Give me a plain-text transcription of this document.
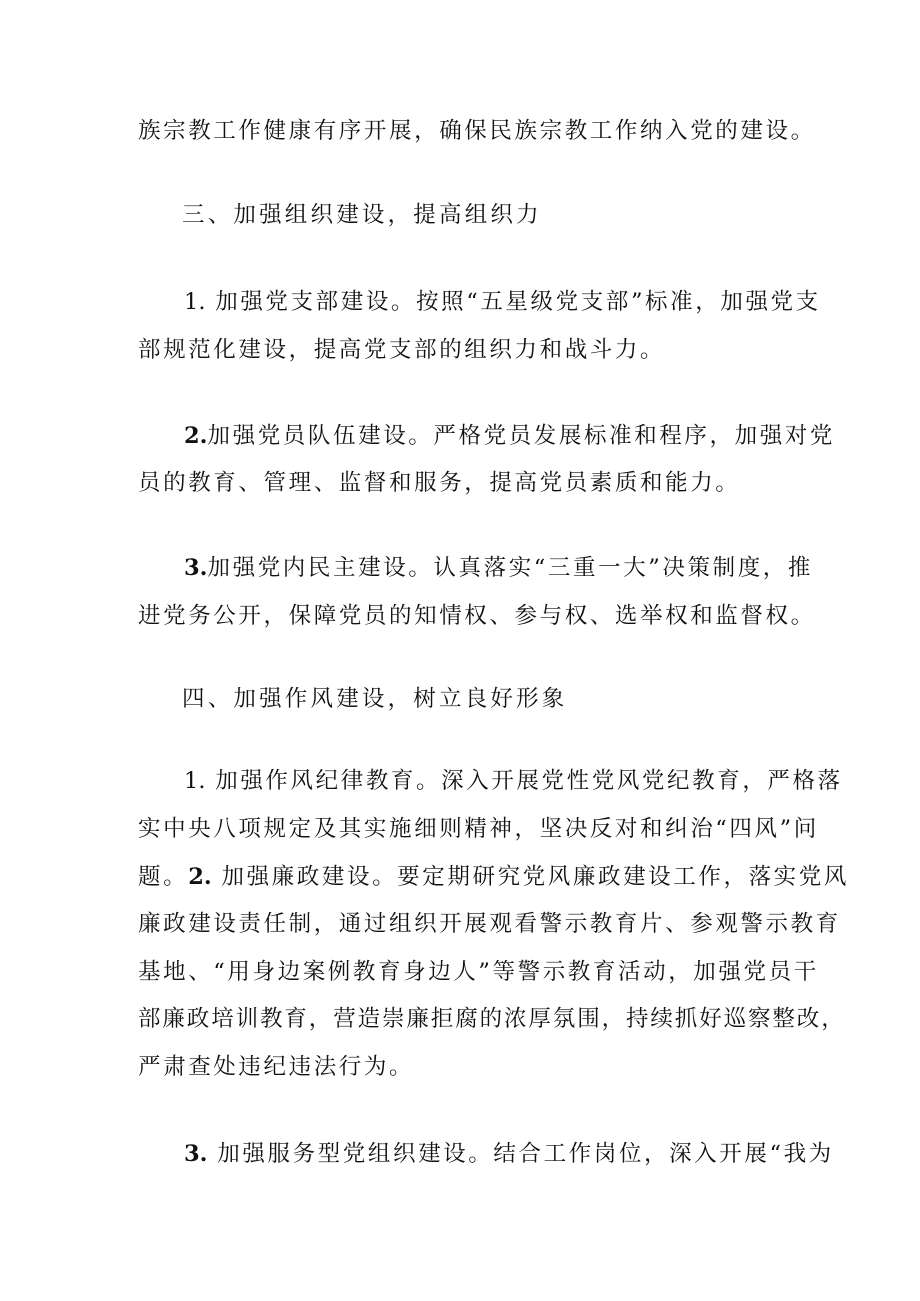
族宗教工作健康有序开展，确保民族宗教工作纳入党的建设。
三、加强组织建设，提高组织力
1. 加强党支部建设。按照“五星级党支部”标准，加强党支
部规范化建设，提高党支部的组织力和战斗力。
2.加强党员队伍建设。严格党员发展标准和程序，加强对党
员的教育、管理、监督和服务，提高党员素质和能力。
3.加强党内民主建设。认真落实“三重一大”决策制度，推
进党务公开，保障党员的知情权、参与权、选举权和监督权。
四、加强作风建设，树立良好形象
1. 加强作风纪律教育。深入开展党性党风党纪教育，严格落
实中央八项规定及其实施细则精神，坚决反对和纠治“四风”问
题。2. 加强廉政建设。要定期研究党风廉政建设工作，落实党风
廉政建设责任制，通过组织开展观看警示教育片、参观警示教育
基地、“用身边案例教育身边人”等警示教育活动，加强党员干
部廉政培训教育，营造崇廉拒腐的浓厚氛围，持续抓好巡察整改，
严肃查处违纪违法行为。
3. 加强服务型党组织建设。结合工作岗位，深入开展“我为
